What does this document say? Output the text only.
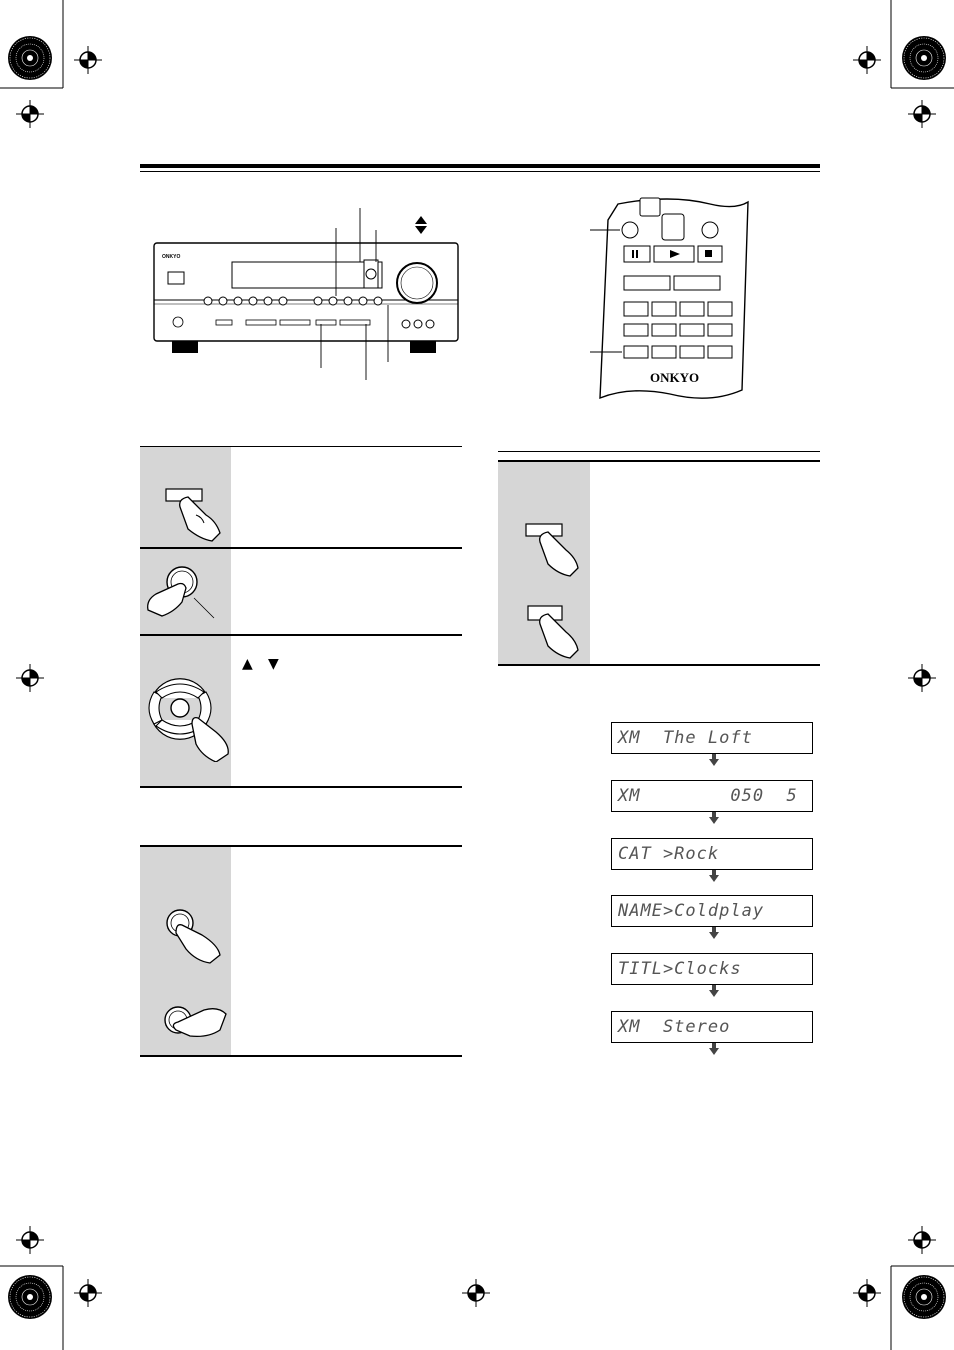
ONKYO
ONKYO
▲ ▼
XM  The Loft
XM        050  5
CAT >Rock
NAME>Coldplay
TITL>Clocks
XM  Stereo
